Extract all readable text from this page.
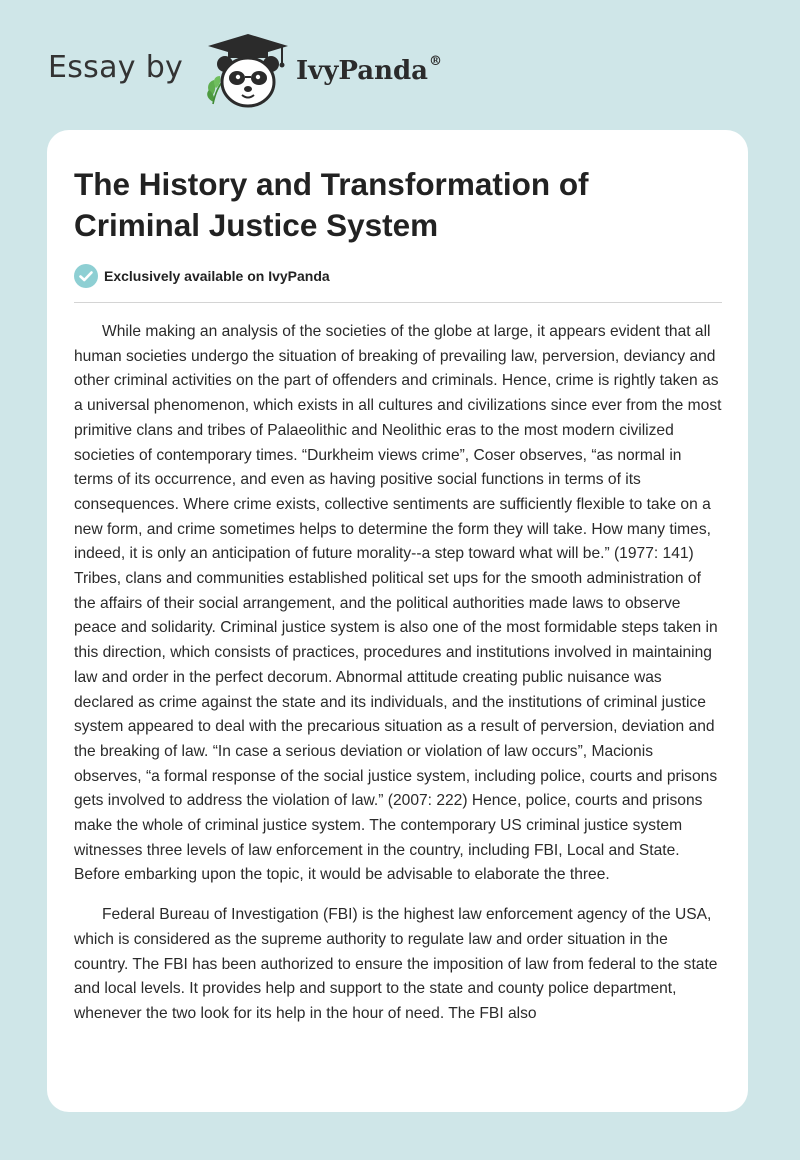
Essay by	IvyPanda®
The History and Transformation of Criminal Justice System
Exclusively available on IvyPanda

While making an analysis of the societies of the globe at large, it appears evident that all human societies undergo the situation of breaking of prevailing law, perversion, deviancy and other criminal activities on the part of offenders and criminals. Hence, crime is rightly taken as a universal phenomenon, which exists in all cultures and civilizations since ever from the most primitive clans and tribes of Palaeolithic and Neolithic eras to the most modern civilized societies of contemporary times. “Durkheim views crime”, Coser observes, “as normal in terms of its occurrence, and even as having positive social functions in terms of its consequences. Where crime exists, collective sentiments are sufficiently flexible to take on a new form, and crime sometimes helps to determine the form they will take. How many times, indeed, it is only an anticipation of future morality--a step toward what will be.” (1977: 141) Tribes, clans and communities established political set ups for the smooth administration of the affairs of their social arrangement, and the political authorities made laws to observe peace and solidarity. Criminal justice system is also one of the most formidable steps taken in this direction, which consists of practices, procedures and institutions involved in maintaining law and order in the perfect decorum. Abnormal attitude creating public nuisance was declared as crime against the state and its individuals, and the institutions of criminal justice system appeared to deal with the precarious situation as a result of perversion, deviation and the breaking of law. “In case a serious deviation or violation of law occurs”, Macionis observes, “a formal response of the social justice system, including police, courts and prisons gets involved to address the violation of law.” (2007: 222) Hence, police, courts and prisons make the whole of criminal justice system. The contemporary US criminal justice system witnesses three levels of law enforcement in the country, including FBI, Local and State. Before embarking upon the topic, it would be advisable to elaborate the three.

Federal Bureau of Investigation (FBI) is the highest law enforcement agency of the USA, which is considered as the supreme authority to regulate law and order situation in the country. The FBI has been authorized to ensure the imposition of law from federal to the state and local levels. It provides help and support to the state and county police department, whenever the two look for its help in the hour of need. The FBI also
